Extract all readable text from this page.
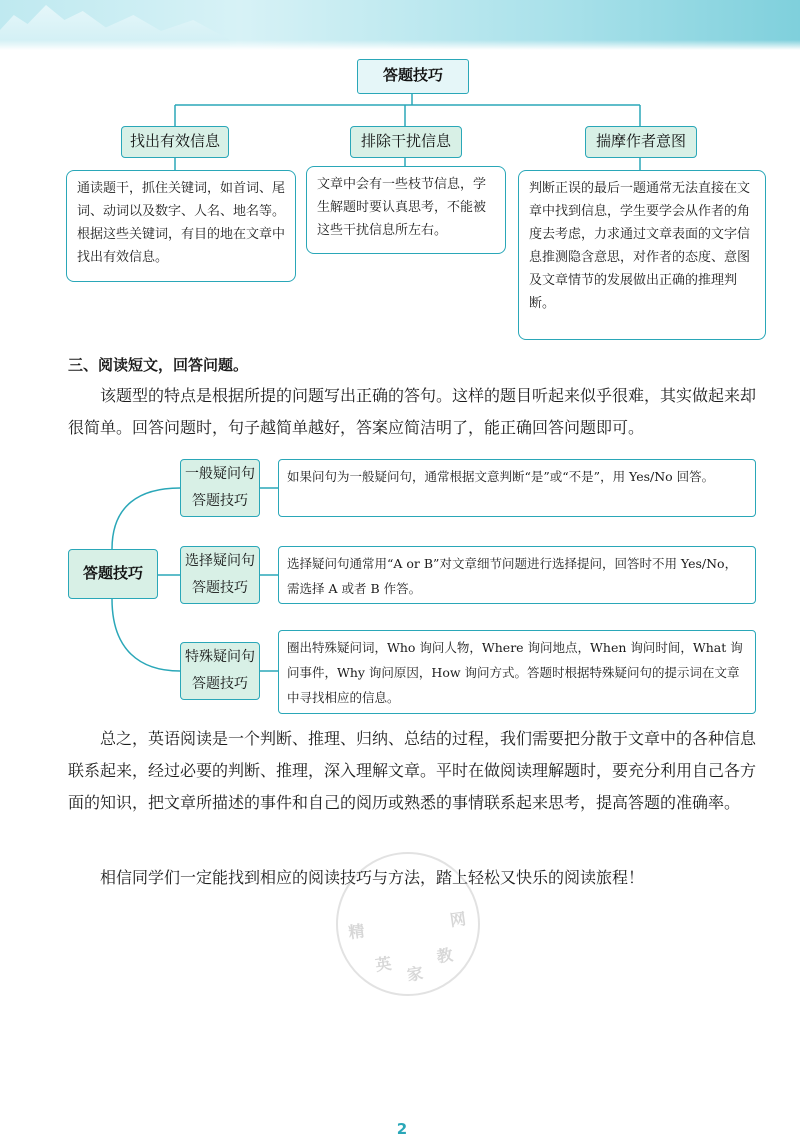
答题技巧
找出有效信息	排除干扰信息	揣摩作者意图
通读题干，抓住关键词，如首词、尾词、动词以及数字、人名、地名等。根据这些关键词，有目的地在文章中找出有效信息。
文章中会有一些枝节信息，学生解题时要认真思考，不能被这些干扰信息所左右。
判断正误的最后一题通常无法直接在文章中找到信息，学生要学会从作者的角度去考虑，力求通过文章表面的文字信息推测隐含意思，对作者的态度、意图及文章情节的发展做出正确的推理判断。
三、阅读短文，回答问题。
该题型的特点是根据所提的问题写出正确的答句。这样的题目听起来似乎很难，其实做起来却很简单。回答问题时，句子越简单越好，答案应简洁明了，能正确回答问题即可。
答题技巧
一般疑问句
答题技巧
选择疑问句
答题技巧
特殊疑问句
答题技巧
如果问句为一般疑问句，通常根据文意判断“是”或“不是”，用 Yes/No 回答。
选择疑问句通常用“A or B”对文章细节问题进行选择提问，回答时不用 Yes/No，需选择 A 或者 B 作答。
圈出特殊疑问词，Who 询问人物，Where 询问地点，When 询问时间，What 询问事件，Why 询问原因，How 询问方式。答题时根据特殊疑问句的提示词在文章中寻找相应的信息。
总之，英语阅读是一个判断、推理、归纳、总结的过程，我们需要把分散于文章中的各种信息联系起来，经过必要的判断、推理，深入理解文章。平时在做阅读理解题时，要充分利用自己各方面的知识，把文章所描述的事件和自己的阅历或熟悉的事情联系起来思考，提高答题的准确率。
相信同学们一定能找到相应的阅读技巧与方法，踏上轻松又快乐的阅读旅程！
精
英 家
教
网
2
